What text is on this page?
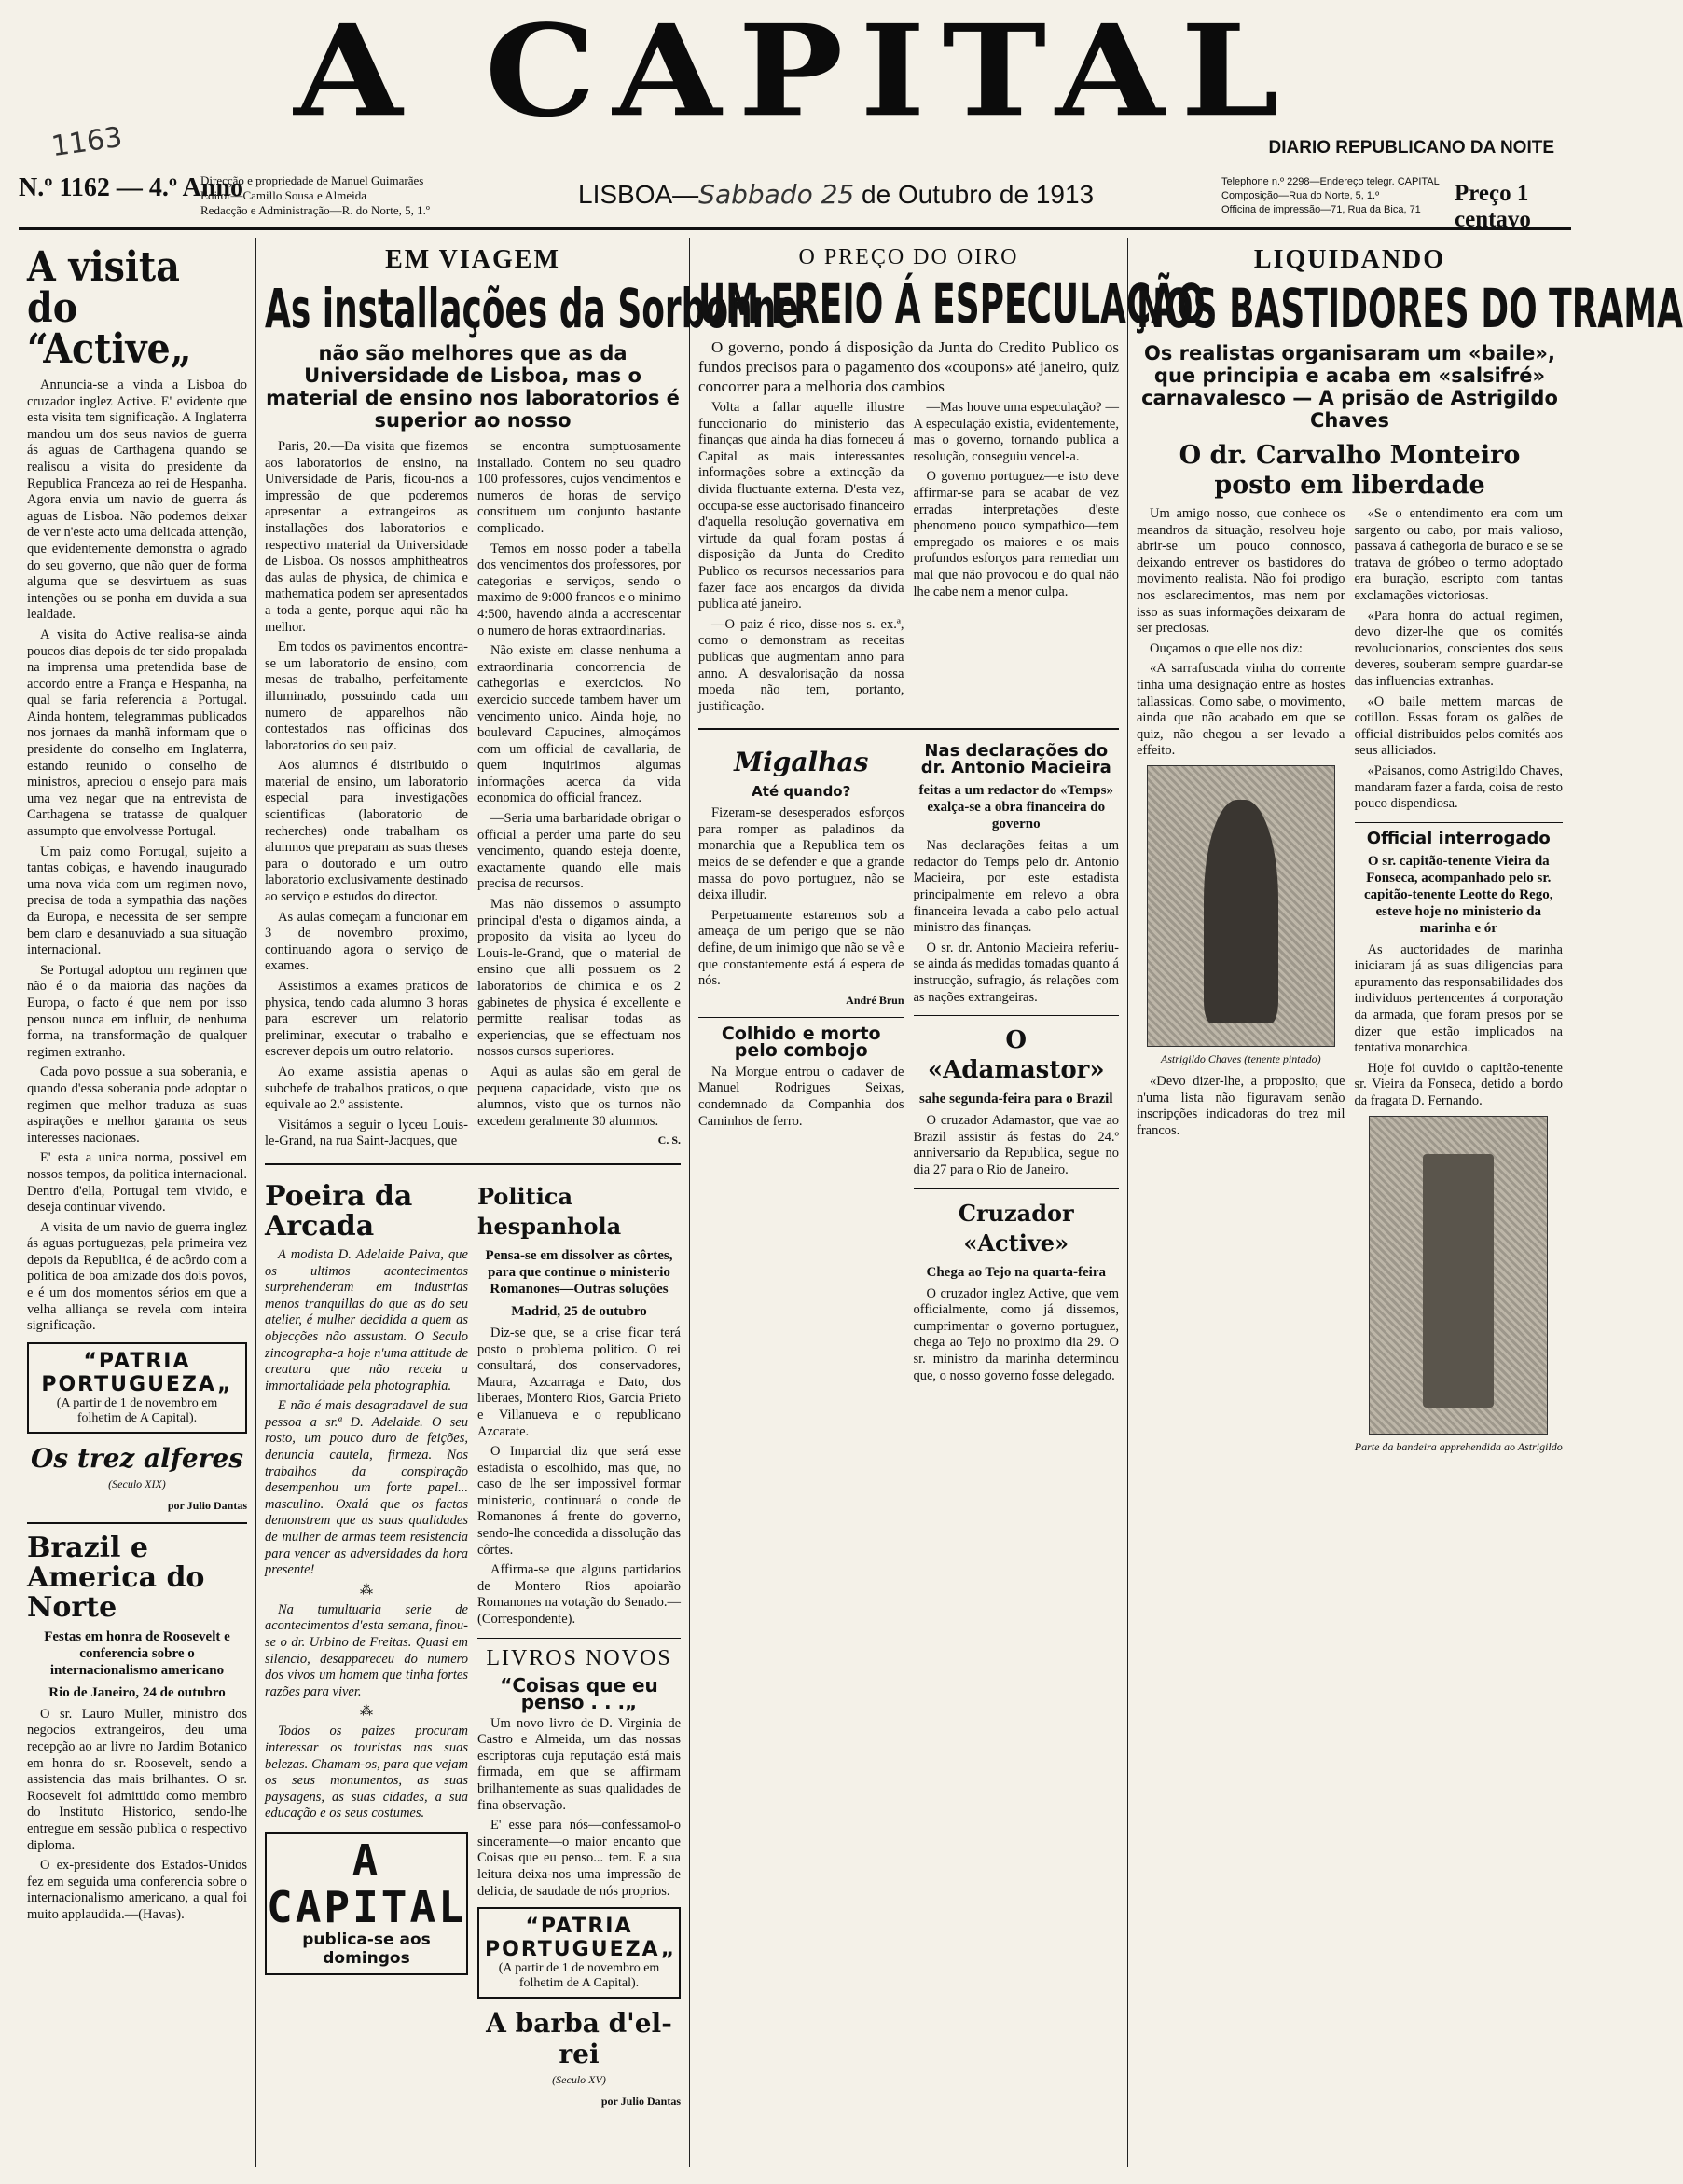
A CAPITAL
1163	DIARIO REPUBLICANO DA NOITE
N.º 1162 — 4.º Anno
Direcção e propriedade de Manuel Guimarães
Editor—Camillo Sousa e Almeida
Redacção e Administração—R. do Norte, 5, 1.º
LISBOA—Sabbado 25 de Outubro de 1913	Telephone n.º 2298—Endereço telegr. CAPITAL
Composição—Rua do Norte, 5, 1.º
Officina de impressão—71, Rua da Bica, 71
Preço 1 centavo
A visita do “Active„

Annuncia-se a vinda a Lisboa do cruzador inglez Active. E' evidente que esta visita tem significação. A Inglaterra mandou um dos seus navios de guerra ás aguas de Carthagena quando se realisou a visita do presidente da Republica Franceza ao rei de Hespanha. Agora envia um navio de guerra ás aguas de Lisboa. Não podemos deixar de ver n'este acto uma delicada attenção, que evidentemente demonstra o agrado do seu governo, que não quer de forma alguma que se desvirtuem as suas intenções ou se ponha em duvida a sua lealdade.

A visita do Active realisa-se ainda poucos dias depois de ter sido propalada na imprensa uma pretendida base de accordo entre a França e Hespanha, na qual se faria referencia a Portugal. Ainda hontem, telegrammas publicados nos jornaes da manhã informam que o presidente do conselho em Inglaterra, estando reunido o conselho de ministros, apreciou o ensejo para mais uma vez negar que na entrevista de Carthagena se tratasse de qualquer assumpto que envolvesse Portugal.

Um paiz como Portugal, sujeito a tantas cobiças, e havendo inaugurado uma nova vida com um regimen novo, precisa de toda a sympathia das nações da Europa, e necessita de ser sempre bem claro e desanuviado a sua situação internacional.

Se Portugal adoptou um regimen que não é o da maioria das nações da Europa, o facto é que nem por isso pensou nunca em influir, de nenhuma forma, na transformação de qualquer regimen extranho.

Cada povo possue a sua soberania, e quando d'essa soberania pode adoptar o regimen que melhor traduza as suas aspirações e melhor garanta os seus interesses nacionaes.

E' esta a unica norma, possivel em nossos tempos, da politica internacional. Dentro d'ella, Portugal tem vivido, e deseja continuar vivendo.

A visita de um navio de guerra inglez ás aguas portuguezas, pela primeira vez depois da Republica, é de acôrdo com a politica de boa amizade dos dois povos, e é um dos momentos sérios em que a velha alliança se revela com inteira significação.

“PATRIA PORTUGUEZA„
(A partir de 1 de novembro em folhetim de A Capital).
Os trez alferes
(Seculo XIX)
por Julio Dantas
Brazil e America do Norte
Festas em honra de Roosevelt e conferencia sobre o internacionalismo americano
Rio de Janeiro, 24 de outubro

O sr. Lauro Muller, ministro dos negocios extrangeiros, deu uma recepção ao ar livre no Jardim Botanico em honra do sr. Roosevelt, sendo a assistencia das mais brilhantes. O sr. Roosevelt foi admittido como membro do Instituto Historico, sendo-lhe entregue em sessão publica o respectivo diploma.

O ex-presidente dos Estados-Unidos fez em seguida uma conferencia sobre o internacionalismo americano, a qual foi muito applaudida.—(Havas).

EM VIAGEM
As installações da Sorbonne
não são melhores que as da Universidade de Lisboa, mas o material de ensino nos laboratorios é superior ao nosso

Paris, 20.—Da visita que fizemos aos laboratorios de ensino, na Universidade de Paris, ficou-nos a impressão de que poderemos apresentar a extrangeiros as installações dos laboratorios e respectivo material da Universidade de Lisboa. Os nossos amphitheatros das aulas de physica, de chimica e mathematica podem ser apresentados a toda a gente, porque aqui não ha melhor.

Em todos os pavimentos encontra-se um laboratorio de ensino, com mesas de trabalho, perfeitamente illuminado, possuindo cada um numero de apparelhos não contestados nas officinas dos laboratorios do seu paiz.

Aos alumnos é distribuido o material de ensino, um laboratorio especial para investigações scientificas (laboratorio de recherches) onde trabalham os alumnos que preparam as suas theses para o doutorado e um outro laboratorio exclusivamente destinado ao serviço e estudos do director.

As aulas começam a funcionar em 3 de novembro proximo, continuando agora o serviço de exames.

Assistimos a exames praticos de physica, tendo cada alumno 3 horas para escrever um relatorio preliminar, executar o trabalho e escrever depois um outro relatorio.

Ao exame assistia apenas o subchefe de trabalhos praticos, o que equivale ao 2.º assistente.

Visitámos a seguir o lyceu Louis-le-Grand, na rua Saint-Jacques, que

se encontra sumptuosamente installado. Contem no seu quadro 100 professores, cujos vencimentos e numeros de horas de serviço constituem um conjunto bastante complicado.

Temos em nosso poder a tabella dos vencimentos dos professores, por categorias e serviços, sendo o maximo de 9:000 francos e o minimo 4:500, havendo ainda a accrescentar o numero de horas extraordinarias.

Não existe em classe nenhuma a extraordinaria concorrencia de cathegorias e exercicios. No exercicio succede tambem haver um vencimento unico. Ainda hoje, no boulevard Capucines, almoçámos com um official de cavallaria, de quem inquirimos algumas informações acerca da vida economica do official francez.

—Seria uma barbaridade obrigar o official a perder uma parte do seu vencimento, quando esteja doente, exactamente quando elle mais precisa de recursos.

Mas não dissemos o assumpto principal d'esta o digamos ainda, a proposito da visita ao lyceu do Louis-le-Grand, que o material de ensino que alli possuem os 2 laboratorios de chimica e os 2 gabinetes de physica é excellente e permitte realisar todas as experiencias, que se effectuam nos nossos cursos superiores.

Aqui as aulas são em geral de pequena capacidade, visto que os alumnos, visto que os turnos não excedem geralmente 30 alumnos.

C. S.
Poeira da Arcada

A modista D. Adelaide Paiva, que os ultimos acontecimentos surprehenderam em industrias menos tranquillas do que as do seu atelier, é mulher decidida a quem as objecções não assustam. O Seculo zincographa-a hoje n'uma attitude de creatura que não receia a immortalidade pela photographia.

E não é mais desagradavel de sua pessoa a sr.ª D. Adelaide. O seu rosto, um pouco duro de feições, denuncia cautela, firmeza. Nos trabalhos da conspiração desempenhou um forte papel... masculino. Oxalá que os factos demonstrem que as suas qualidades de mulher de armas teem resistencia para vencer as adversidades da hora presente!

⁂

Na tumultuaria serie de acontecimentos d'esta semana, finou-se o dr. Urbino de Freitas. Quasi em silencio, desappareceu do numero dos vivos um homem que tinha fortes razões para viver.

⁂

Todos os paizes procuram interessar os touristas nas suas belezas. Chamam-os, para que vejam os seus monumentos, as suas paysagens, as suas cidades, a sua educação e os seus costumes.

A CAPITAL
publica-se aos domingos
Politica hespanhola
Pensa-se em dissolver as côrtes, para que continue o ministerio Romanones—Outras soluções
Madrid, 25 de outubro

Diz-se que, se a crise ficar terá posto o problema politico. O rei consultará, dos conservadores, Maura, Azcarraga e Dato, dos liberaes, Montero Rios, Garcia Prieto e Villanueva e o republicano Azcarate.

O Imparcial diz que será esse estadista o escolhido, mas que, no caso de lhe ser impossivel formar ministerio, continuará o conde de Romanones á frente do governo, sendo-lhe concedida a dissolução das côrtes.

Affirma-se que alguns partidarios de Montero Rios apoiarão Romanones na votação do Senado.—(Correspondente).

LIVROS NOVOS
“Coisas que eu penso . . .„

Um novo livro de D. Virginia de Castro e Almeida, um das nossas escriptoras cuja reputação está mais firmada, em que se affirmam brilhantemente as suas qualidades de fina observação.

E' esse para nós—confessamol-o sinceramente—o maior encanto que Coisas que eu penso... tem. E a sua leitura deixa-nos uma impressão de delicia, de saudade de nós proprios.

“PATRIA PORTUGUEZA„
(A partir de 1 de novembro em folhetim de A Capital).
A barba d'el-rei
(Seculo XV)
por Julio Dantas
O PREÇO DO OIRO
UM FREIO Á ESPECULAÇÃO

O governo, pondo á disposição da Junta do Credito Publico os fundos precisos para o pagamento dos «coupons» até janeiro, quiz concorrer para a melhoria dos cambios

Volta a fallar aquelle illustre funccionario do ministerio das finanças que ainda ha dias forneceu á Capital as mais interessantes informações sobre a extincção da divida fluctuante externa. D'esta vez, occupa-se esse auctorisado financeiro d'aquella resolução governativa em virtude da qual foram postas á disposição da Junta do Credito Publico os recursos necessarios para fazer face aos encargos da divida publica até janeiro.

—O paiz é rico, disse-nos s. ex.ª, como o demonstram as receitas publicas que augmentam anno para anno. A desvalorisação da nossa moeda não tem, portanto, justificação.

—Mas houve uma especulação? —A especulação existia, evidentemente, mas o governo, tornando publica a resolução, conseguiu vencel-a.

O governo portuguez—e isto deve affirmar-se para se acabar de vez erradas interpretações d'este phenomeno pouco sympathico—tem empregado os maiores e os mais profundos esforços para remediar um mal que não provocou e do qual não lhe cabe nem a menor culpa.

Migalhas
Até quando?

Fizeram-se desesperados esforços para romper as paladinos da monarchia que a Republica tem os meios de se defender e que a grande massa do povo portuguez, não se deixa illudir.

Perpetuamente estaremos sob a ameaça de um perigo que se não define, de um inimigo que não se vê e que constantemente está á espera de nós.

André Brun
Colhido e morto pelo combojo

Na Morgue entrou o cadaver de Manuel Rodrigues Seixas, condemnado da Companhia dos Caminhos de ferro.

Nas declarações do dr. Antonio Macieira
feitas a um redactor do «Temps» exalça-se a obra financeira do governo

Nas declarações feitas a um redactor do Temps pelo dr. Antonio Macieira, por este estadista principalmente em relevo a obra financeira levada a cabo pelo actual ministro das finanças.

O sr. dr. Antonio Macieira referiu-se ainda ás medidas tomadas quanto á instrucção, sufragio, ás relações com as nações extrangeiras.

O «Adamastor»
sahe segunda-feira para o Brazil

O cruzador Adamastor, que vae ao Brazil assistir ás festas do 24.º anniversario da Republica, segue no dia 27 para o Rio de Janeiro.

Cruzador «Active»
Chega ao Tejo na quarta-feira

O cruzador inglez Active, que vem officialmente, como já dissemos, cumprimentar o governo portuguez, chega ao Tejo no proximo dia 29. O sr. ministro da marinha determinou que, o nosso governo fosse delegado.

LIQUIDANDO
NOS BASTIDORES DO TRAMA
Os realistas organisaram um «baile», que principia e acaba em «salsifré» carnavalesco — A prisão de Astrigildo Chaves
O dr. Carvalho Monteiro posto em liberdade

Um amigo nosso, que conhece os meandros da situação, resolveu hoje abrir-se um pouco connosco, deixando entrever os bastidores do movimento realista. Não foi prodigo nos esclarecimentos, mas nem por isso as suas informações deixaram de ser preciosas.

Ouçamos o que elle nos diz:

«A sarrafuscada vinha do corrente tinha uma designação entre as hostes tallassicas. Como sabe, o movimento, ainda que não acabado em que se quiz, não chegou a ser levado a effeito.

Astrigildo Chaves (tenente pintado)

«Devo dizer-lhe, a proposito, que n'uma lista não figuravam senão inscripções indicadoras do trez mil francos.

«Se o entendimento era com um sargento ou cabo, por mais valioso, passava á cathegoria de buraco e se se tratava de gróbeo o termo adoptado era buração, escripto com tantas exclamações victoriosas.

«Para honra do actual regimen, devo dizer-lhe que os comités revolucionarios, conscientes dos seus deveres, souberam sempre guardar-se das influencias extranhas.

«O baile mettem marcas de cotillon. Essas foram os galões de official distribuidos pelos comités aos seus alliciados.

«Paisanos, como Astrigildo Chaves, mandaram fazer a farda, coisa de resto pouco dispendiosa.

Official interrogado
O sr. capitão-tenente Vieira da Fonseca, acompanhado pelo sr. capitão-tenente Leotte do Rego, esteve hoje no ministerio da marinha e ór

As auctoridades de marinha iniciaram já as suas diligencias para apuramento das responsabilidades dos individuos pertencentes á corporação da armada, que foram presos por se dizer que estão implicados na tentativa monarchica.

Hoje foi ouvido o capitão-tenente sr. Vieira da Fonseca, detido a bordo da fragata D. Fernando.

Parte da bandeira apprehendida ao Astrigildo
